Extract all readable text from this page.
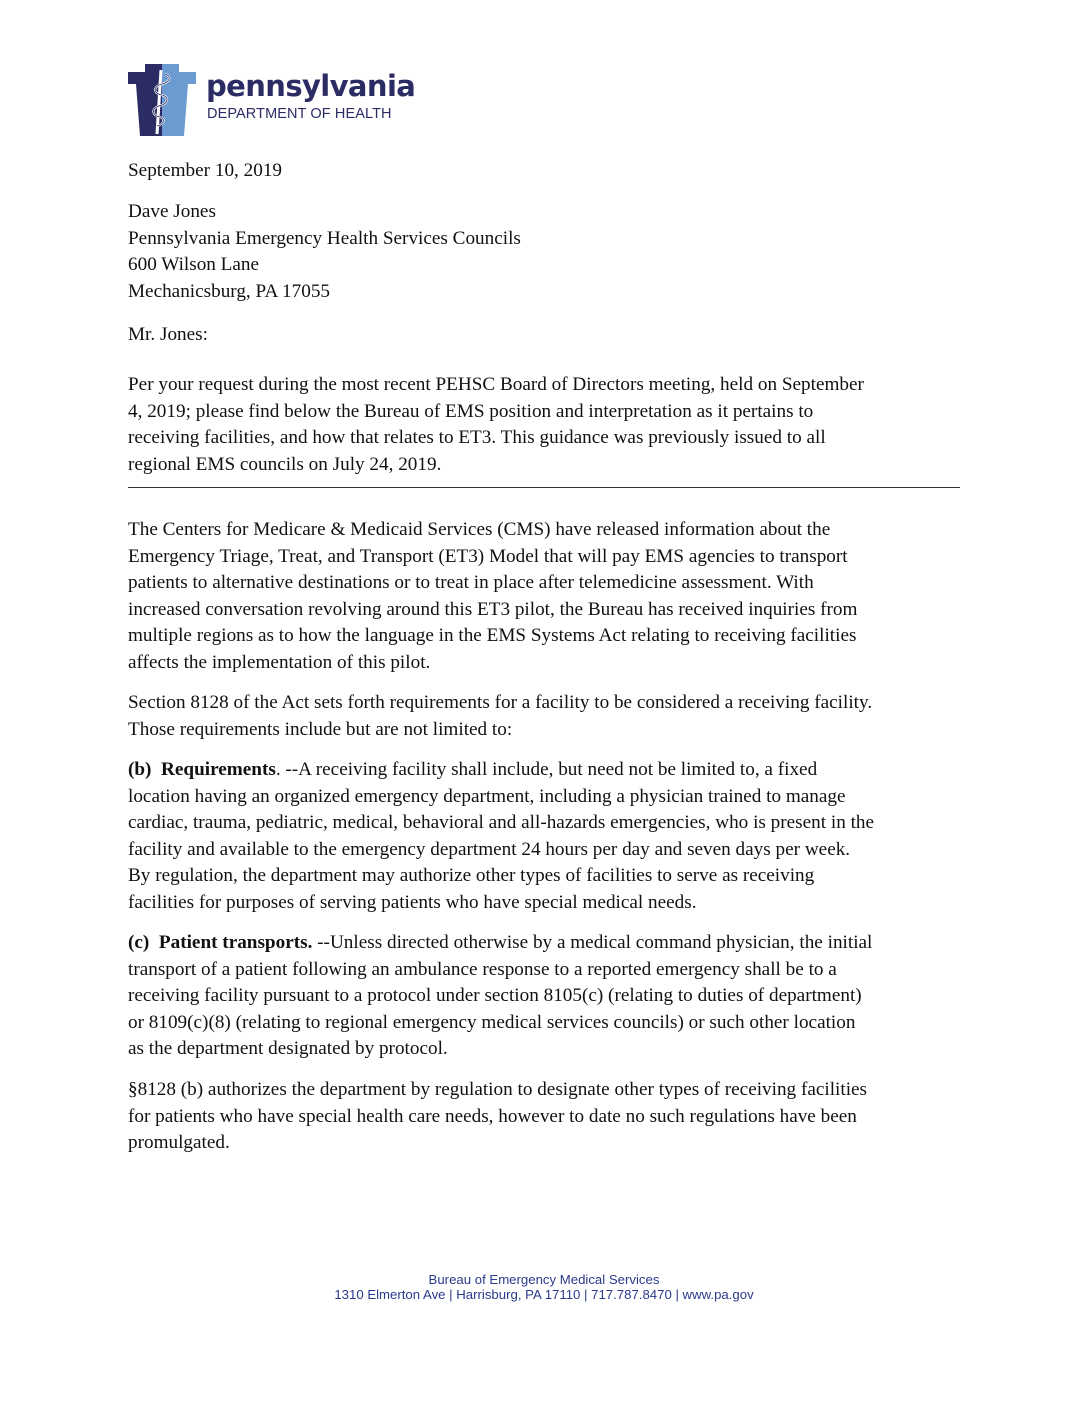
pennsylvania
DEPARTMENT OF HEALTH
September 10, 2019
Dave Jones
Pennsylvania Emergency Health Services Councils
600 Wilson Lane
Mechanicsburg, PA 17055
Mr. Jones:
Per your request during the most recent PEHSC Board of Directors meeting, held on September
4, 2019; please find below the Bureau of EMS position and interpretation as it pertains to
receiving facilities, and how that relates to ET3. This guidance was previously issued to all
regional EMS councils on July 24, 2019.
The Centers for Medicare & Medicaid Services (CMS) have released information about the
Emergency Triage, Treat, and Transport (ET3) Model that will pay EMS agencies to transport
patients to alternative destinations or to treat in place after telemedicine assessment. With
increased conversation revolving around this ET3 pilot, the Bureau has received inquiries from
multiple regions as to how the language in the EMS Systems Act relating to receiving facilities
affects the implementation of this pilot.
Section 8128 of the Act sets forth requirements for a facility to be considered a receiving facility.
Those requirements include but are not limited to:
(b) Requirements. --A receiving facility shall include, but need not be limited to, a fixed
location having an organized emergency department, including a physician trained to manage
cardiac, trauma, pediatric, medical, behavioral and all-hazards emergencies, who is present in the
facility and available to the emergency department 24 hours per day and seven days per week.
By regulation, the department may authorize other types of facilities to serve as receiving
facilities for purposes of serving patients who have special medical needs.
(c) Patient transports. --Unless directed otherwise by a medical command physician, the initial
transport of a patient following an ambulance response to a reported emergency shall be to a
receiving facility pursuant to a protocol under section 8105(c) (relating to duties of department)
or 8109(c)(8) (relating to regional emergency medical services councils) or such other location
as the department designated by protocol.
§8128 (b) authorizes the department by regulation to designate other types of receiving facilities
for patients who have special health care needs, however to date no such regulations have been
promulgated.
Bureau of Emergency Medical Services
1310 Elmerton Ave | Harrisburg, PA 17110 | 717.787.8470 | www.pa.gov
